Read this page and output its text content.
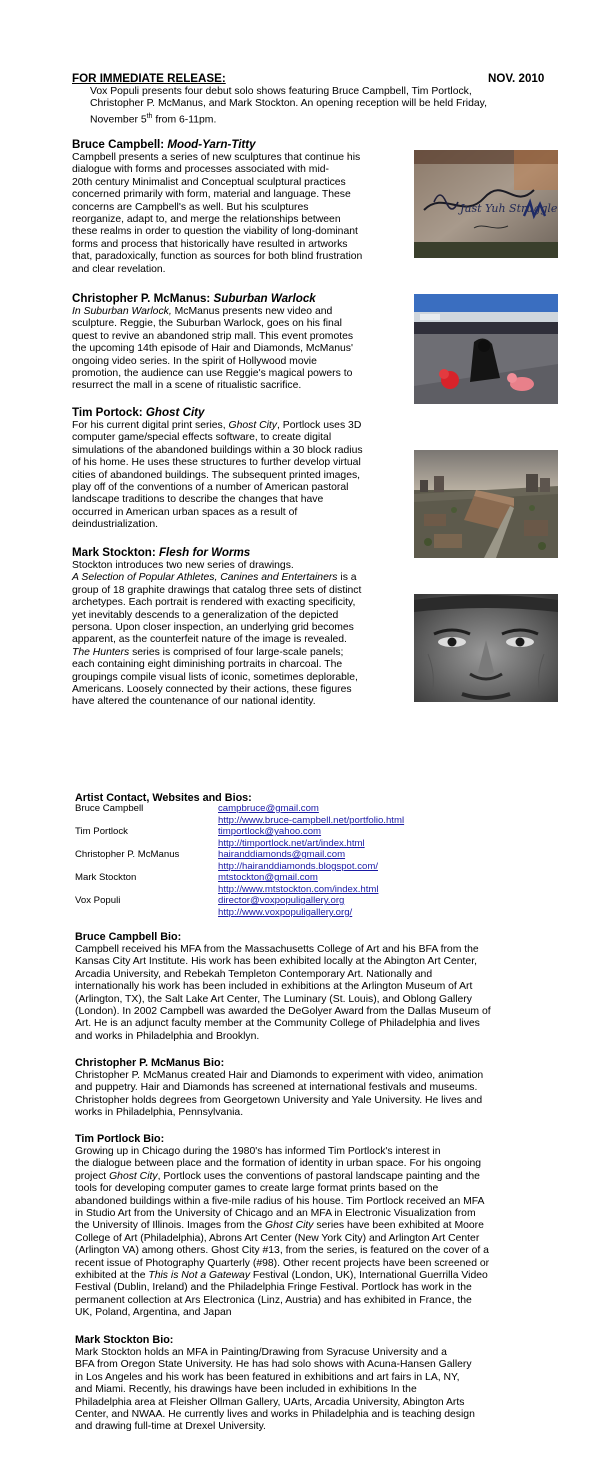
FOR IMMEDIATE RELEASE:	NOV. 2010
Vox Populi presents four debut solo shows featuring Bruce Campbell, Tim Portlock,
Christopher P. McManus, and Mark Stockton. An opening reception will be held Friday,
November 5th from 6-11pm.
Bruce Campbell: Mood-Yarn-Titty
Campbell presents a series of new sculptures that continue his
dialogue with forms and processes associated with mid-
20th century Minimalist and Conceptual sculptural practices
concerned primarily with form, material and language. These
concerns are Campbell's as well. But his sculptures
reorganize, adapt to, and merge the relationships between
these realms in order to question the viability of long-dominant
forms and process that historically have resulted in artworks
that, paradoxically, function as sources for both blind frustration
and clear revelation.
Just Yuh Struggle
Christopher P. McManus: Suburban Warlock
In Suburban Warlock, McManus presents new video and
sculpture. Reggie, the Suburban Warlock, goes on his final
quest to revive an abandoned strip mall. This event promotes
the upcoming 14th episode of Hair and Diamonds, McManus'
ongoing video series. In the spirit of Hollywood movie
promotion, the audience can use Reggie's magical powers to
resurrect the mall in a scene of ritualistic sacrifice.
Tim Portock: Ghost City
For his current digital print series, Ghost City, Portlock uses 3D
computer game/special effects software, to create digital
simulations of the abandoned buildings within a 30 block radius
of his home. He uses these structures to further develop virtual
cities of abandoned buildings. The subsequent printed images,
play off of the conventions of a number of American pastoral
landscape traditions to describe the changes that have
occurred in American urban spaces as a result of
deindustrialization.
Mark Stockton: Flesh for Worms
Stockton introduces two new series of drawings.
A Selection of Popular Athletes, Canines and Entertainers is a
group of 18 graphite drawings that catalog three sets of distinct
archetypes. Each portrait is rendered with exacting specificity,
yet inevitably descends to a generalization of the depicted
persona. Upon closer inspection, an underlying grid becomes
apparent, as the counterfeit nature of the image is revealed.
The Hunters series is comprised of four large-scale panels;
each containing eight diminishing portraits in charcoal. The
groupings compile visual lists of iconic, sometimes deplorable,
Americans. Loosely connected by their actions, these figures
have altered the countenance of our national identity.
Artist Contact, Websites and Bios:
Bruce Campbell	campbruce@gmail.com
http://www.bruce-campbell.net/portfolio.html
Tim Portlock	timportlock@yahoo.com
http://timportlock.net/art/index.html
Christopher P. McManus	hairanddiamonds@gmail.com
http://hairanddiamonds.blogspot.com/
Mark Stockton	mtstockton@gmail.com
http://www.mtstockton.com/index.html
Vox Populi	director@voxpopuligallery.org
http://www.voxpopuligallery.org/
Bruce Campbell Bio:
Campbell received his MFA from the Massachusetts College of Art and his BFA from the
Kansas City Art Institute. His work has been exhibited locally at the Abington Art Center,
Arcadia University, and Rebekah Templeton Contemporary Art. Nationally and
internationally his work has been included in exhibitions at the Arlington Museum of Art
(Arlington, TX), the Salt Lake Art Center, The Luminary (St. Louis), and Oblong Gallery
(London). In 2002 Campbell was awarded the DeGolyer Award from the Dallas Museum of
Art. He is an adjunct faculty member at the Community College of Philadelphia and lives
and works in Philadelphia and Brooklyn.
Christopher P. McManus Bio:
Christopher P. McManus created Hair and Diamonds to experiment with video, animation
and puppetry. Hair and Diamonds has screened at international festivals and museums.
Christopher holds degrees from Georgetown University and Yale University. He lives and
works in Philadelphia, Pennsylvania.
Tim Portlock Bio:
Growing up in Chicago during the 1980's has informed Tim Portlock's interest in
the dialogue between place and the formation of identity in urban space. For his ongoing
project Ghost City, Portlock uses the conventions of pastoral landscape painting and the
tools for developing computer games to create large format prints based on the
abandoned buildings within a five-mile radius of his house. Tim Portlock received an MFA
in Studio Art from the University of Chicago and an MFA in Electronic Visualization from
the University of Illinois. Images from the Ghost City series have been exhibited at Moore
College of Art (Philadelphia), Abrons Art Center (New York City) and Arlington Art Center
(Arlington VA) among others. Ghost City #13, from the series, is featured on the cover of a
recent issue of Photography Quarterly (#98). Other recent projects have been screened or
exhibited at the This is Not a Gateway Festival (London, UK), International Guerrilla Video
Festival (Dublin, Ireland) and the Philadelphia Fringe Festival. Portlock has work in the
permanent collection at Ars Electronica (Linz, Austria) and has exhibited in France, the
UK, Poland, Argentina, and Japan
Mark Stockton Bio:
Mark Stockton holds an MFA in Painting/Drawing from Syracuse University and a
BFA from Oregon State University. He has had solo shows with Acuna-Hansen Gallery
in Los Angeles and his work has been featured in exhibitions and art fairs in LA, NY,
and Miami. Recently, his drawings have been included in exhibitions In the
Philadelphia area at Fleisher Ollman Gallery, UArts, Arcadia University, Abington Arts
Center, and NWAA. He currently lives and works in Philadelphia and is teaching design
and drawing full-time at Drexel University.
